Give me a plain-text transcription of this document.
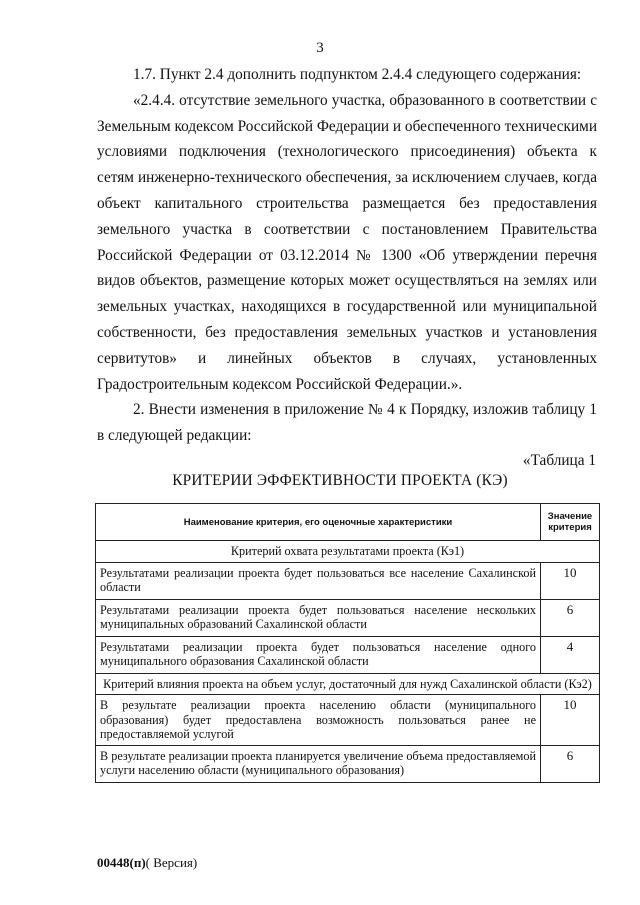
3

1.7. Пункт 2.4 дополнить подпунктом 2.4.4 следующего содержания:

«2.4.4. отсутствие земельного участка, образованного в соответствии с Земельным кодексом Российской Федерации и обеспеченного техническими условиями подключения (технологического присоединения) объекта к сетям инженерно-технического обеспечения, за исключением случаев, когда объект капитального строительства размещается без предоставления земельного участка в соответствии с постановлением Правительства Российской Федерации от 03.12.2014 № 1300 «Об утверждении перечня видов объектов, размещение которых может осуществляться на землях или земельных участках, находящихся в государственной или муниципальной собственности, без предоставления земельных участков и установления сервитутов» и линейных объектов в случаях, установленных Градостроительным кодексом Российской Федерации.».

2. Внести изменения в приложение № 4 к Порядку, изложив таблицу 1 в следующей редакции:

«Таблица 1
КРИТЕРИИ ЭФФЕКТИВНОСТИ ПРОЕКТА (КЭ)
Наименование критерия, его оценочные характеристики	Значение критерия
Критерий охвата результатами проекта (Кэ1)	
Результатами реализации проекта будет пользоваться все население Сахалинской области	10
Результатами реализации проекта будет пользоваться население нескольких муниципальных образований Сахалинской области	6
Результатами реализации проекта будет пользоваться население одного муниципального образования Сахалинской области	4
Критерий влияния проекта на объем услуг, достаточный для нужд Сахалинской области (Кэ2)	
В результате реализации проекта населению области (муниципального образования) будет предоставлена возможность пользоваться ранее не предоставляемой услугой	10
В результате реализации проекта планируется увеличение объема предоставляемой услуги населению области (муниципального образования)	6
00448(п)( Версия)
